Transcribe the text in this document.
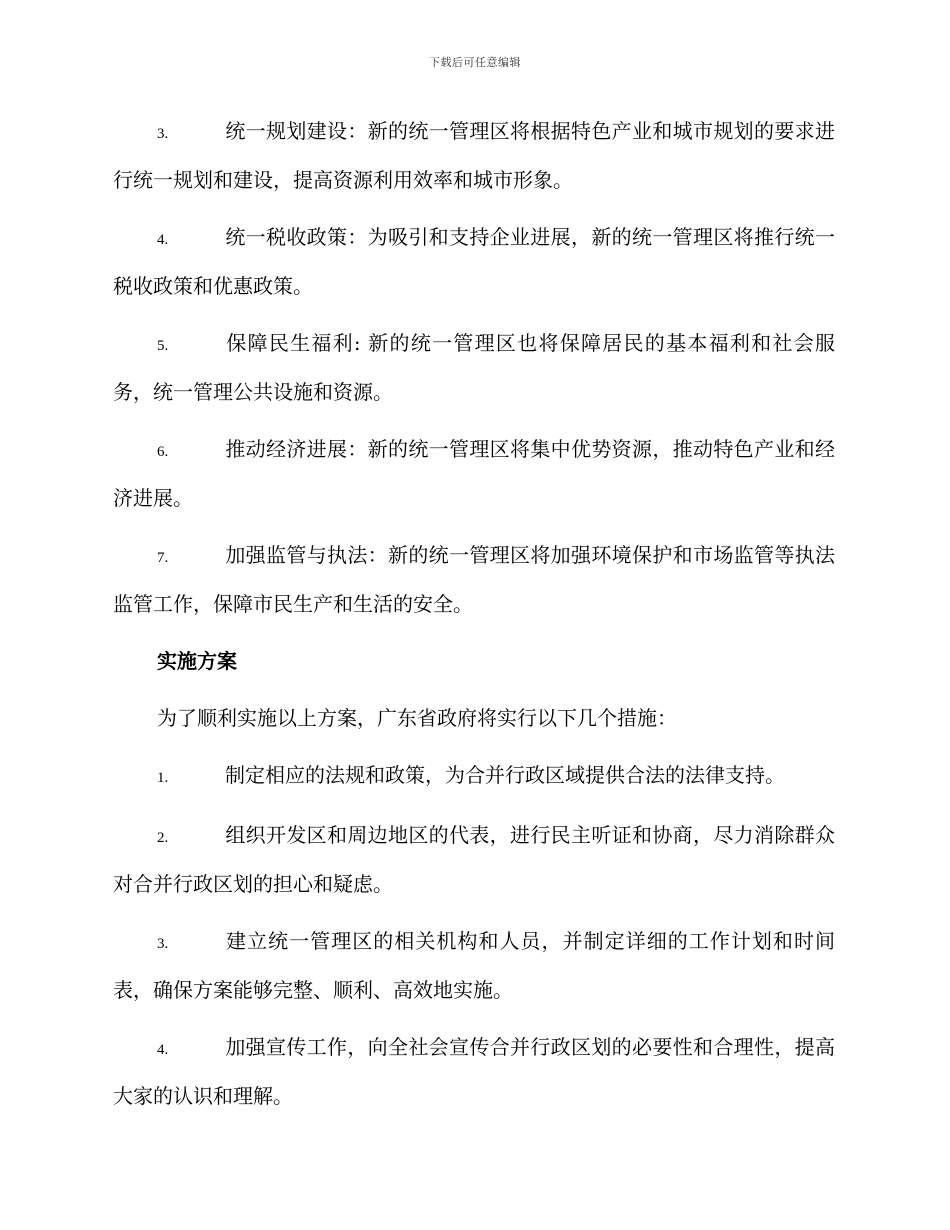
下载后可任意编辑

3.	统一规划建设：新的统一管理区将根据特色产业和城市规划的要求进行统一规划和建设，提高资源利用效率和城市形象。

4.	统一税收政策：为吸引和支持企业进展，新的统一管理区将推行统一税收政策和优惠政策。

5.	保障民生福利: 新的统一管理区也将保障居民的基本福利和社会服务，统一管理公共设施和资源。

6.	推动经济进展：新的统一管理区将集中优势资源，推动特色产业和经济进展。

7.	加强监管与执法：新的统一管理区将加强环境保护和市场监管等执法监管工作，保障市民生产和生活的安全。

实施方案

为了顺利实施以上方案，广东省政府将实行以下几个措施：

1.	制定相应的法规和政策，为合并行政区域提供合法的法律支持。

2.	组织开发区和周边地区的代表，进行民主听证和协商，尽力消除群众对合并行政区划的担心和疑虑。

3.	建立统一管理区的相关机构和人员，并制定详细的工作计划和时间表，确保方案能够完整、顺利、高效地实施。

4.	加强宣传工作，向全社会宣传合并行政区划的必要性和合理性，提高大家的认识和理解。
